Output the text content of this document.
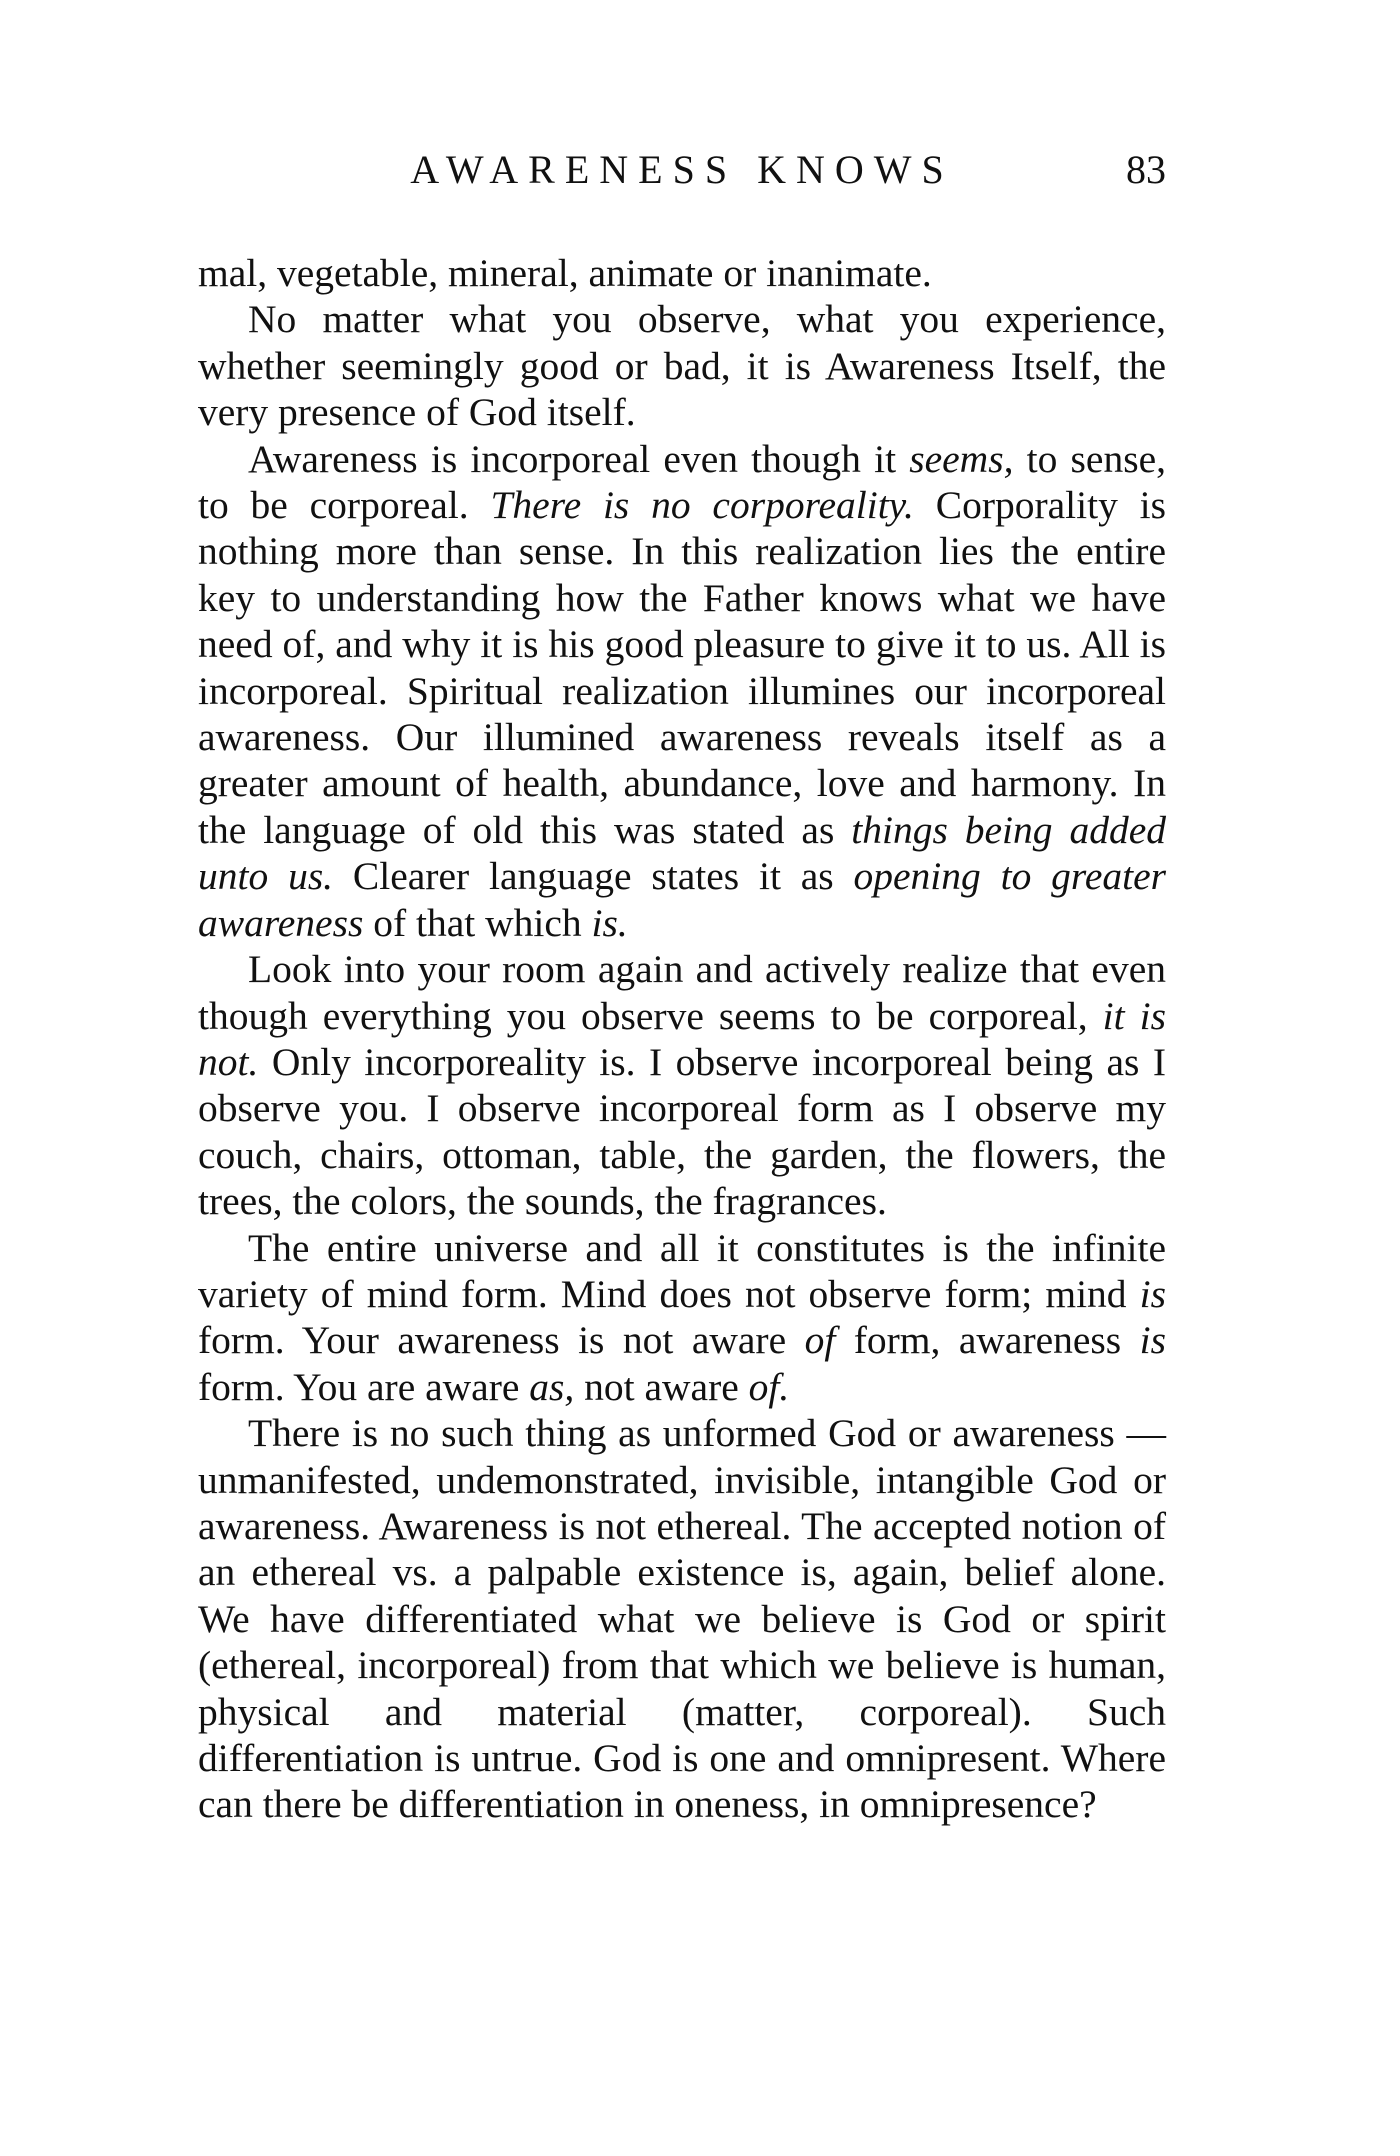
AWARENESS KNOWS	83

mal, vegetable, mineral, animate or inanimate.

No matter what you observe, what you experience, whether seemingly good or bad, it is Awareness Itself, the very presence of God itself.

Awareness is incorporeal even though it seems, to sense, to be corporeal. There is no corporeality. Corporality is nothing more than sense. In this realization lies the entire key to understanding how the Father knows what we have need of, and why it is his good pleasure to give it to us. All is incorporeal. Spiritual realization illumines our incorporeal awareness. Our illumined awareness reveals itself as a greater amount of health, abundance, love and harmony. In the language of old this was stated as things being added unto us. Clearer language states it as opening to greater awareness of that which is.

Look into your room again and actively realize that even though everything you observe seems to be corporeal, it is not. Only incorporeality is. I observe incorporeal being as I observe you. I observe incorporeal form as I observe my couch, chairs, ottoman, table, the garden, the flowers, the trees, the colors, the sounds, the fragrances.

The entire universe and all it constitutes is the infinite variety of mind form. Mind does not observe form; mind is form. Your awareness is not aware of form, awareness is form. You are aware as, not aware of.

There is no such thing as unformed God or awareness — unmanifested, undemonstrated, invisible, intangible God or awareness. Awareness is not ethereal. The accepted notion of an ethereal vs. a palpable existence is, again, belief alone. We have differentiated what we believe is God or spirit (ethereal, incorporeal) from that which we believe is human, physical and material (matter, corporeal). Such differentiation is untrue. God is one and omnipresent. Where can there be differentiation in oneness, in omnipresence?
